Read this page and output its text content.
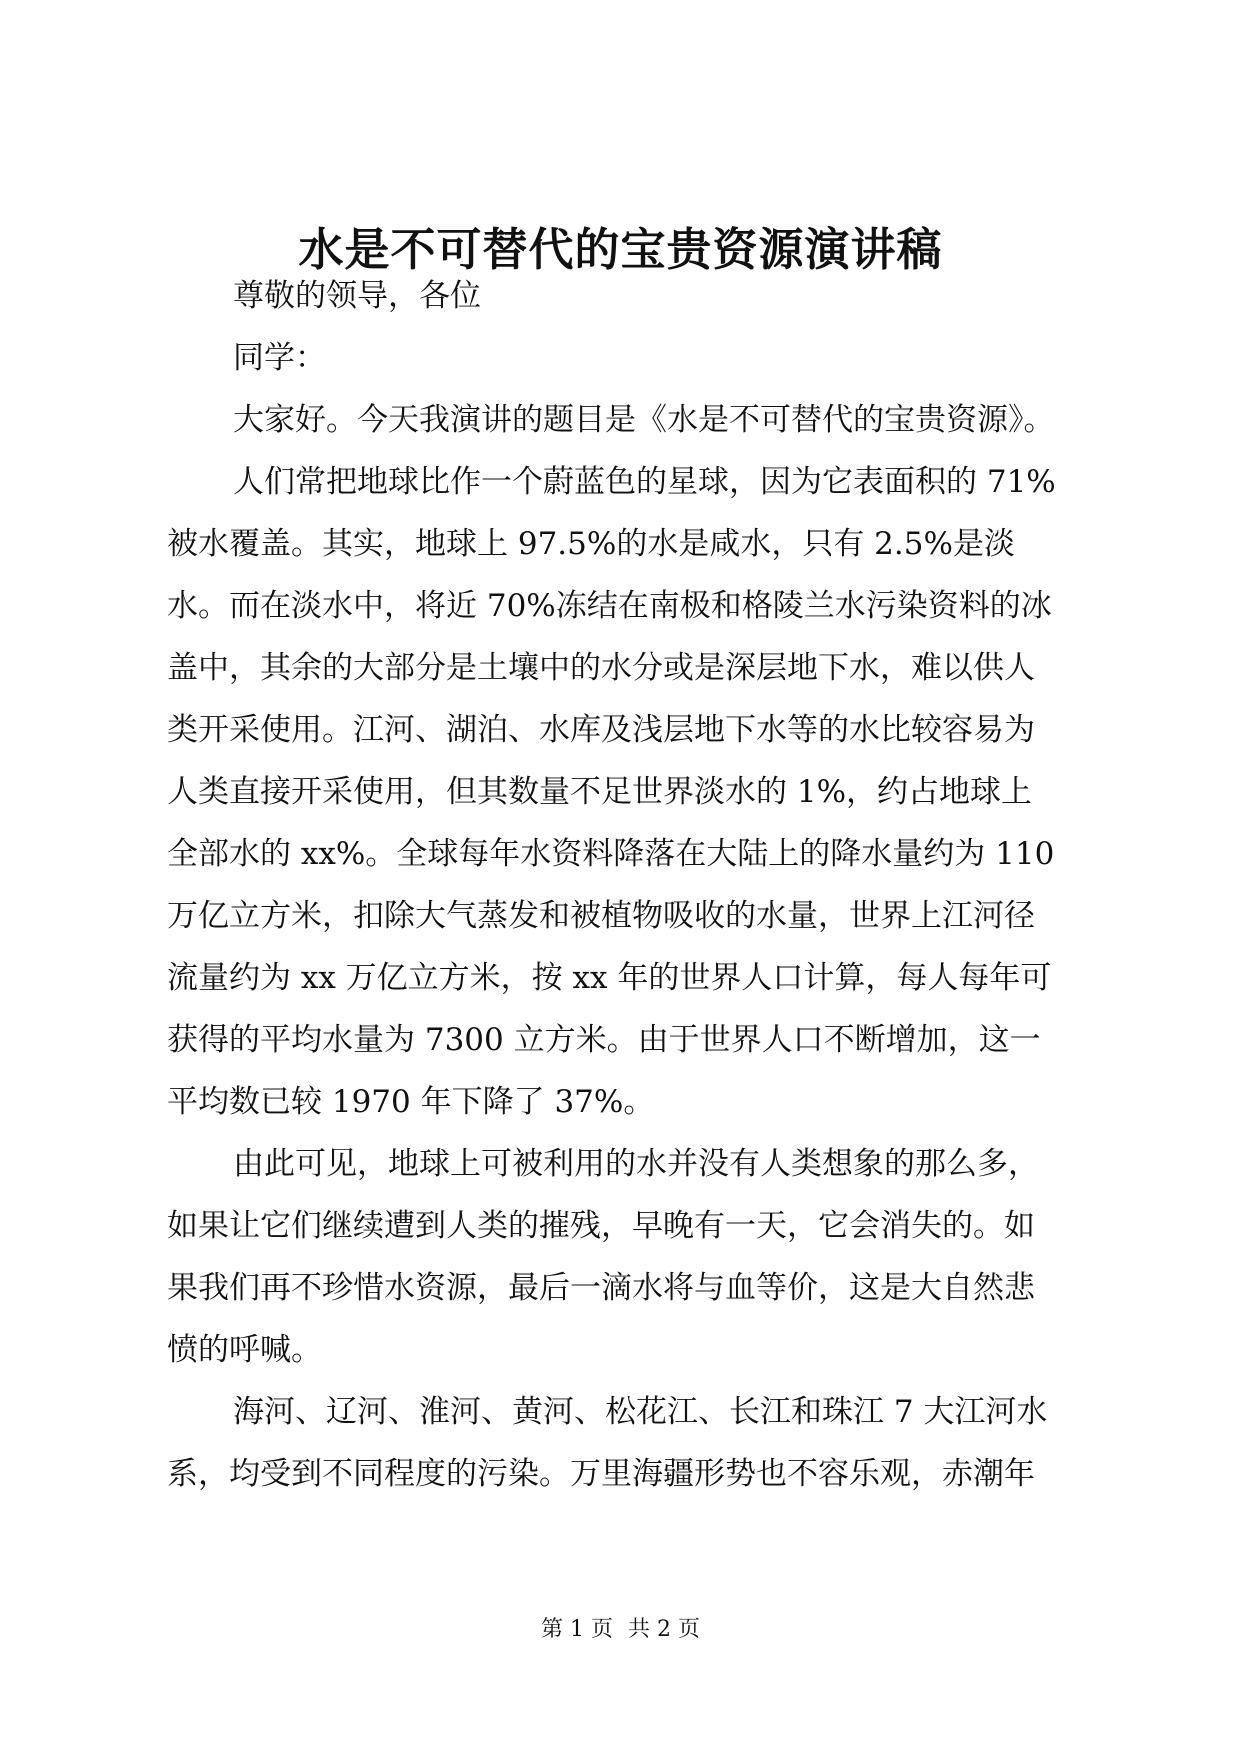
水是不可替代的宝贵资源演讲稿
尊敬的领导，各位
同学：
大家好。今天我演讲的题目是《水是不可替代的宝贵资源》。
人们常把地球比作一个蔚蓝色的星球，因为它表面积的 71%
被水覆盖。其实，地球上 97.5%的水是咸水，只有 2.5%是淡
水。而在淡水中，将近 70%冻结在南极和格陵兰水污染资料的冰
盖中，其余的大部分是土壤中的水分或是深层地下水，难以供人
类开采使用。江河、湖泊、水库及浅层地下水等的水比较容易为
人类直接开采使用，但其数量不足世界淡水的 1%，约占地球上
全部水的 xx%。全球每年水资料降落在大陆上的降水量约为 110
万亿立方米，扣除大气蒸发和被植物吸收的水量，世界上江河径
流量约为 xx 万亿立方米，按 xx 年的世界人口计算，每人每年可
获得的平均水量为 7300 立方米。由于世界人口不断增加，这一
平均数已较 1970 年下降了 37%。
由此可见，地球上可被利用的水并没有人类想象的那么多，
如果让它们继续遭到人类的摧残，早晚有一天，它会消失的。如
果我们再不珍惜水资源，最后一滴水将与血等价，这是大自然悲
愤的呼喊。
海河、辽河、淮河、黄河、松花江、长江和珠江 7 大江河水
系，均受到不同程度的污染。万里海疆形势也不容乐观，赤潮年
第 1 页 共 2 页
